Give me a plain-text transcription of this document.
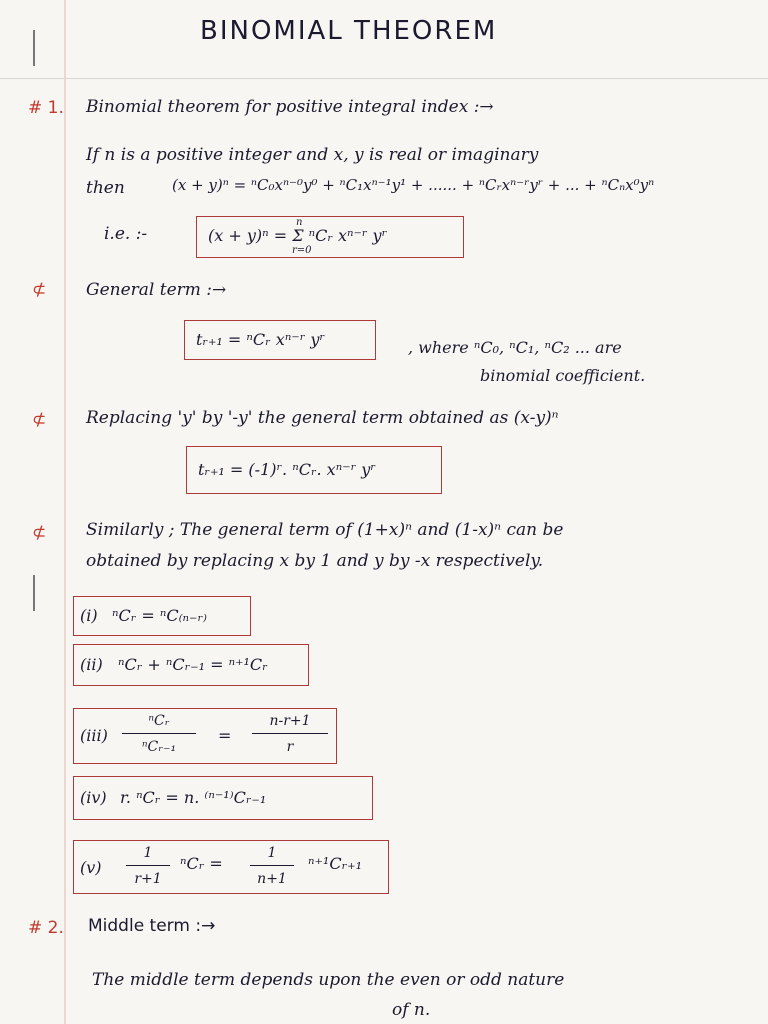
BINOMIAL THEOREM
# 1. Binomial theorem for positive integral index :→
If n is a positive integer and x, y is real or imaginary
then	(x + y)ⁿ = ⁿC₀xⁿ⁻⁰y⁰ + ⁿC₁xⁿ⁻¹y¹ + ...... + ⁿCᵣxⁿ⁻ʳyʳ + ... + ⁿCₙx⁰yⁿ
i.e. :-	(x + y)ⁿ = Σ ⁿCᵣ xⁿ⁻ʳ yʳ
n
r=0
⊄ General term :→
tᵣ₊₁ = ⁿCᵣ xⁿ⁻ʳ yʳ	, where ⁿC₀, ⁿC₁, ⁿC₂ ... are
binomial coefficient.
⊄ Replacing 'y' by '-y' the general term obtained as (x-y)ⁿ
tᵣ₊₁ = (-1)ʳ. ⁿCᵣ. xⁿ⁻ʳ yʳ
⊄ Similarly ; The general term of (1+x)ⁿ and (1-x)ⁿ can be
obtained by replacing x by 1 and y by -x respectively.
(i) ⁿCᵣ = ⁿC₍ₙ₋ᵣ₎
(ii) ⁿCᵣ + ⁿCᵣ₋₁ = ⁿ⁺¹Cᵣ
(iii)
ⁿCᵣ
ⁿCᵣ₋₁
=
n-r+1
r
(iv) r. ⁿCᵣ = n. ⁽ⁿ⁻¹⁾Cᵣ₋₁
(v)
1
r+1
ⁿCᵣ =
1
n+1
ⁿ⁺¹Cᵣ₊₁
# 2. Middle term :→
The middle term depends upon the even or odd nature
of n.
